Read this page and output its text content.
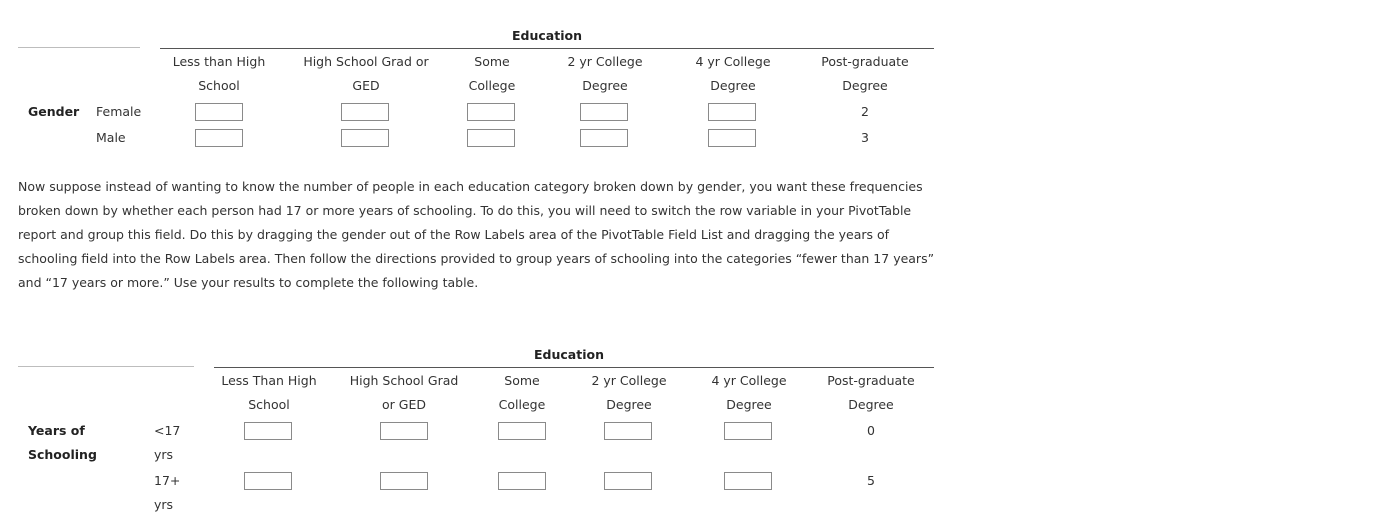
Education
Less than High
School
High School Grad or
GED
Some
College
2 yr College
Degree
4 yr College
Degree
Post-graduate
Degree
Gender Female
Male
2
3
Now suppose instead of wanting to know the number of people in each education category broken down by gender, you want these frequencies broken down by whether each person had 17 or more years of schooling. To do this, you will need to switch the row variable in your PivotTable report and group this field. Do this by dragging the gender out of the Row Labels area of the PivotTable Field List and dragging the years of schooling field into the Row Labels area. Then follow the directions provided to group years of schooling into the categories “fewer than 17 years” and “17 years or more.” Use your results to complete the following table.
Education
Less Than High
School
High School Grad
or GED
Some
College
2 yr College
Degree
4 yr College
Degree
Post-graduate
Degree
Years of
Schooling
<17
yrs
17+
yrs
0
5
